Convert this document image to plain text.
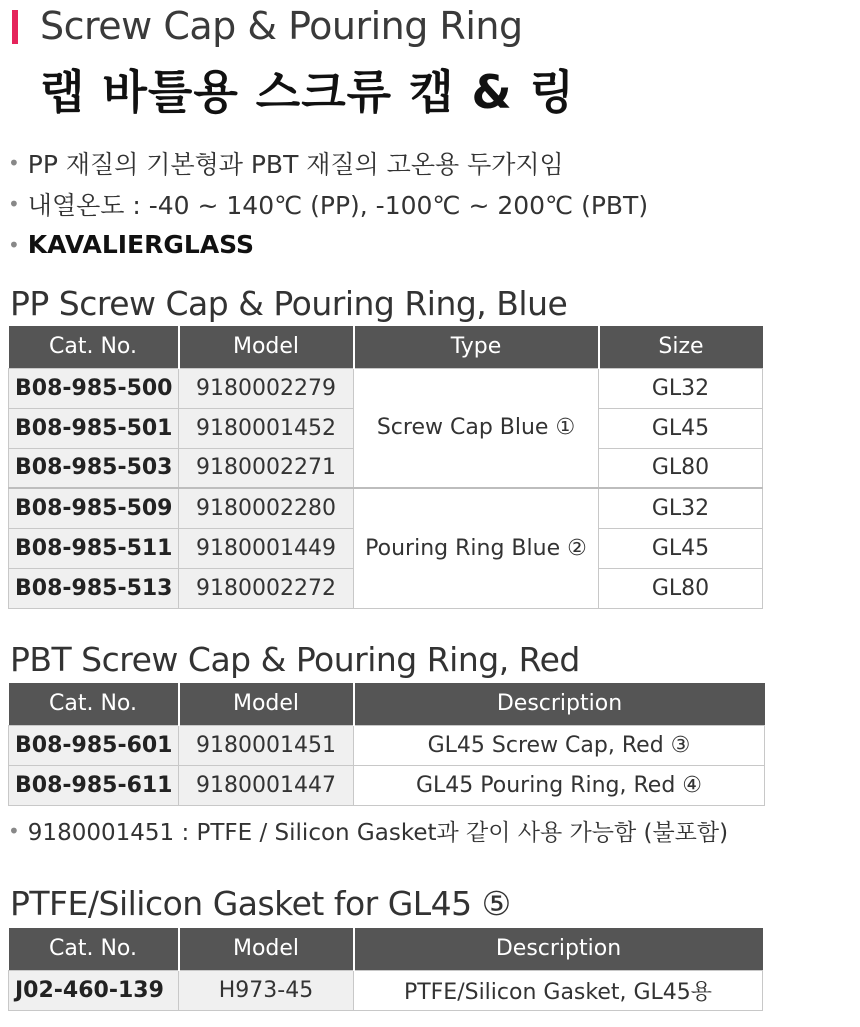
Screw Cap & Pouring Ring
랩 바틀용 스크류 캡 & 링
• PP 재질의 기본형과 PBT 재질의 고온용 두가지임
• 내열온도 : -40 ~ 140℃ (PP), -100℃ ~ 200℃ (PBT)
• KAVALIERGLASS
PP Screw Cap & Pouring Ring, Blue
Cat. No.	Model	Type	Size
B08-985-500	9180002279	Screw Cap Blue ①	GL32
B08-985-501	9180001452		GL45
B08-985-503	9180002271		GL80
B08-985-509	9180002280	Pouring Ring Blue ②	GL32
B08-985-511	9180001449		GL45
B08-985-513	9180002272		GL80
PBT Screw Cap & Pouring Ring, Red
Cat. No.	Model	Description
B08-985-601	9180001451	GL45 Screw Cap, Red ③
B08-985-611	9180001447	GL45 Pouring Ring, Red ④
• 9180001451 : PTFE / Silicon Gasket과 같이 사용 가능함 (불포함)
PTFE/Silicon Gasket for GL45 ⑤
Cat. No.	Model	Description
J02-460-139	H973-45	PTFE/Silicon Gasket, GL45용
